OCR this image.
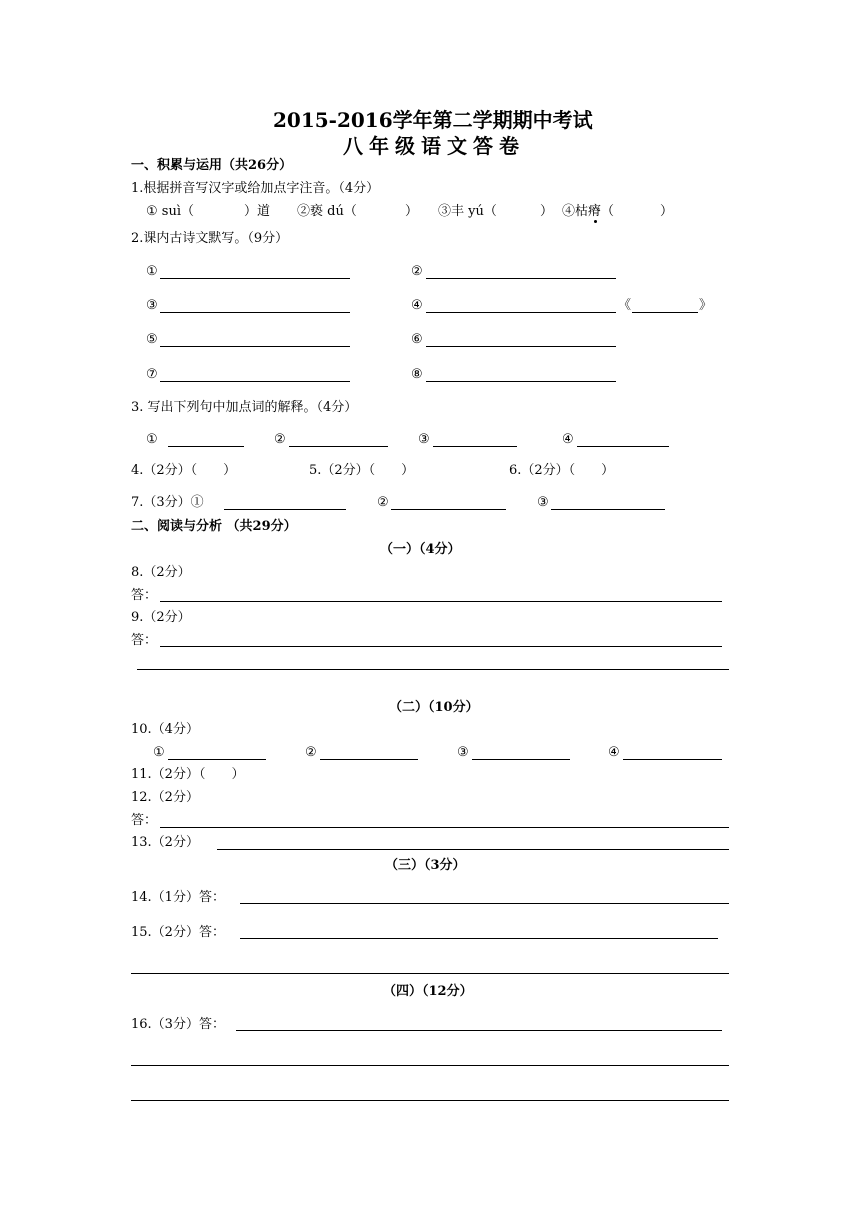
2015-2016学年第二学期期中考试
八年级语文答卷
一、积累与运用（共26分）
1.根据拼音写汉字或给加点字注音。（4分）
① suì（	）道 ②亵 dú（	） ③丰 yú（	） ④枯瘠（	）
2.课内古诗文默写。（9分）
①	②
③	④	《	》
⑤	⑥
⑦	⑧
3. 写出下列句中加点词的解释。（4分）
①	②	③	④
4.（2分）（　　）	5.（2分）（　　）	6.（2分）（　　）
7.（3分）①	②	③
二、阅读与分析 （共29分）
（一）（4分）
8.（2分）
答：
9.（2分）
答：
（二）（10分）
10.（4分）
①	②	③	④
11.（2分）（　　）
12.（2分）
答：
13.（2分）
（三）（3分）
14.（1分）答：
15.（2分）答：
（四）（12分）
16.（3分）答：
